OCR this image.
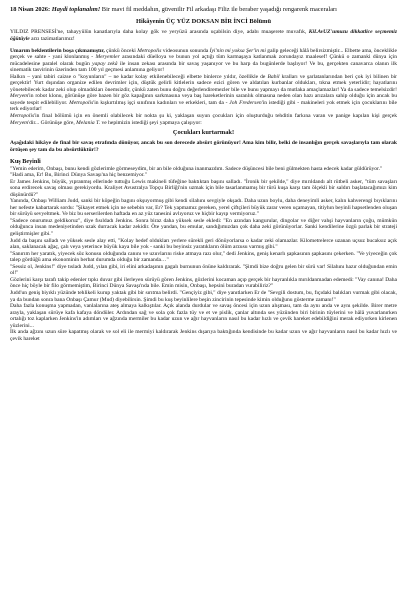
18 Nisan 2026: Haydi toplanalım! Bir mavi fil meddahın, güvenilir Fil arkadaşı Filiz ile beraber yaşadığı rengarenk maceraları

Hikâyenin ÜÇ YÜZ DOKSAN BİR İNCİ Bölümü

YILDIZ PRENSESİ'ne, tahayyülün kanatlarıyla daha kolay gök ve yeryüzü arasında uçabilsin diye, adabı muaşerete muvafık, KiLAvUZ'umuzu dikkatlice seçmemiz öğütüyle arzı tazimatlarımız!

Umarım beklentilerin boşa çıkmamıştır, çünkü önceki Metropolis videosunun sonunda İyi'nin mi yoksa Şer'in mi galip geleceği hâlâ belirsizmiştir... Elbette ama, önceklikle gerçek ve sahte - yani klonlanmış - Meryemler arasındaki düelloya ve bunun yol açtığı tüm karmaşaya katlanmak zorundayız maalesef! Çünkü o zamanki dünya için mücadelesine paralel olarak bugün yapay zekâ ile insan zekası arasında bir savaş yaşanıyor ve bu harp da bugünlerde başlıyor! Ve bu, gerçekten canavarca olanın ilk sinematik tasvirinin üzerinden tam 100 yıl geçmesi anlamına geliyor!

Halkın – yani tabiri caizse o "koyunların" – ne kadar kolay etkilenebileceği elbette binlerce yıldır, özellikle de Babil kralları ve şarlatanlarından beri çok iyi bilinen bir gerçektir! Yurt dışından organize edilen devrimler için, düştük gelirli kitlelerin sadece ezici gören ve aldatılan kurbanlar oldukları, tıkna etmek yeterlidir; hayatlarını yönetebilecek kadar zeki olup olmadıkları önemsizdir, çünkü zaten bunu doğru değerlendiremezler bile ve bunu yapmayı da mutlaka amaçlamazlar! Ya da sadece temelsizdir! Meryem'in robot klonu, görünüşe göre bazen bir göz kapağının sarkmasına veya baş hareketlerinin saranlık olmasına neden olan hazı arızalara sahip olduğu için ancak bu sayede tespit edilebiliyor. Metropolis'in kışkırtılmış işçi sınıfının kadınları ve erkekleri, tam da - Joh Fredersen'in istediği gibi - makineleri yok etmek için çocuklarını bile terk ediyorlar!

Metropolis'in final bölümü için en önemli olabilecek bir nokta şu ki, yaklaşan suyun çocukları için oluşturduğu tehditin farkına varan ve panige kapılan kişi gerçek Meryem'dir... Görünüşe göre, Melania T. ve hepimizin istediği şeyi yapmaya çalışıyor:

Çocukları kurtarmak!

Aşağıdaki hikâye de final bir savaş etrafında dönüyor, ancak bu son derecede absürt görünüyor! Ama kim bilir, belki de insanlığın gerçek savaşlarıyla tam olarak örtüşen şey tam da bu absürtlüktür!?

Kuş Beyinli

"Yemin ederim, Onbaşı, bunu kendi gözlerimle görmeseydim, bir an bile olduğuna inanmazdım. Sadece düşüncesi bile beni gülmekten hasta edecek kadar güldürüyor."

"Hadi ama, Er! Bu, Birinci Dünya Savaşı'na hiç benzemiyor."

Er James Jenkins, büyük, yıpranmış ellerinde tuttuğu Lewis makineli tüfeğine baktıktan başını salladı. "İronik bir şekilde," diye mırıldandı alt rütbeli asker, "tüm savaşları sona erdirecek savaş olması gerekiyordu. Kraliyet Avustralya Topçu Birliği'nin uzmak için bile tasarlanmamış bir türü kuşa karşı tam ölçekli bir saldırı başlatacağımızı kim düşünürdü?"

Yanında, Onbaşı William Judd, sanki bir köpeğin bagını okşuyormuş gibi kendi silahını sevgiyle okşadı. Daha uzun boylu, daha deneyimli asker, kalın kahverengi bıyıklarını her nefeste kabartarak sordu: "Şikayet etmek için ne sebebin var, Er? Tek yapmamız gereken, yerel çiftçileri büyük zarar veren uçamayan, titiyhın beyinli hapsetlenden oluşan bir sürüyü sevyeltmek. Ve biz bu serserilerden haftada en az yüz tanesini avlıyoruz ve hiçbir kayıp vermiyoruz."

"Sadece onurumuz geldikoruz", diye fısıldadı Jenkins. Sonra biraz daha yüksek sesle ekledi: "En azından kangurular, dingolar ve diğer vahşi hayvanların çoğu, mümkün olduğunca insan medeniyetinden uzak durracak kadar zekidir. Öte yandan, bu emular, sandığımızdan çok daha zeki görünüyorlar. Sanki kendilerine özgü parlak bir strateji geliştirmişler gibi."

Judd da başını salladı ve yüksek sesle alay etti, "Kolay hedef oldukları yerlere sürekli geri dönüyorlarsa o kadar zeki olamazlar. Kilometrelerce uzanan uçsuz bucaksız açık alan, saklanacak ağaç, çalı veya yeterince büyük kaya bile yok - sanki bu beyinsiz yaratıkların ölüm arzusu varmış gibi."

"Sanırım her yaratık, yiyecek söz konusu olduğunda canını ve uzuvlarını riske atmaya razı olur," dedi Jenkins, geniş kenarlı şapkasının şapkasını çekerken. "Ve yiyeceğin çok talep gördüğü ama ekonominin berbat durumda olduğu bir zamanda…"

"Sessiz ol, Jenkins!" diye tısladı Judd, yılan gibi, iri elini arkadaşının gagalı burnunun önüne kaldırarak. "Şimdi bize doğru gelen bir sürü var! Silahını hazır olduğundan emin ol!"

Gözlerini karşı tarafı takip edenler tıpkı duvar gibi ilerleyen sürüyü gören Jenkins, gözlerini kocaman açıp gerçek bir hayranlıkla mırıldanmadan edemedi: "Vay canına! Daha önce hiç böyle bir filo görmemiştim, Birinci Dünya Savaşı'nda bile. Emin misin, Onbaşı, hepsini buradan vurabiliriz?"

Judd'un geniş biyıklı yüzünde tehlikeli kurup yaktak gibi bir sırıtma belirdi. "Gençiyiz gibi," diye yanıtlarken Er de "Sevgili dostum, bu, fıçıdaki balıkları vurmak gibi olacak, ya da bundan sonra bana Onbaşı Çamur (Mud) diyebilirsin. Şimdi bu kuş beyinlilere beşin zincirinin tepesinde kimin olduğunu gösterme zamanı!"

Daha fazla konuşma yapmadan, vanlalarına ateş almaya kalkıştılar. Açık alanda durdular ve savaş öncesi için uzun alışması, tam da aynı anda ve aynı şekilde. Birer metre arayla, yaklaşan sürüye kafa kafaya döndüler. Ardından sağ ve sola çok fazla tüy ve et ve pislik, çanlar altında ses yüzünden biri birinin tüylerini ve hâlâ yuvarlanırken ortalığı toz kaplarken Jenkins'in adımları ve ağzında mermiler bu kadar uzun ve ağır hayvanların nasıl bu kadar hızlı ve çevik hareket edebildiğini merak ediyorken kirlenen yüzlerini...

İlk anda ağzını uzun süre kapatmış olarak ve sol eli ile mermiyi kaldırarak Jenkins dışarıya baktığında kendisinde bu kadar uzun ve ağır hayvanların nasıl bu kadar hızlı ve çevik hareket
